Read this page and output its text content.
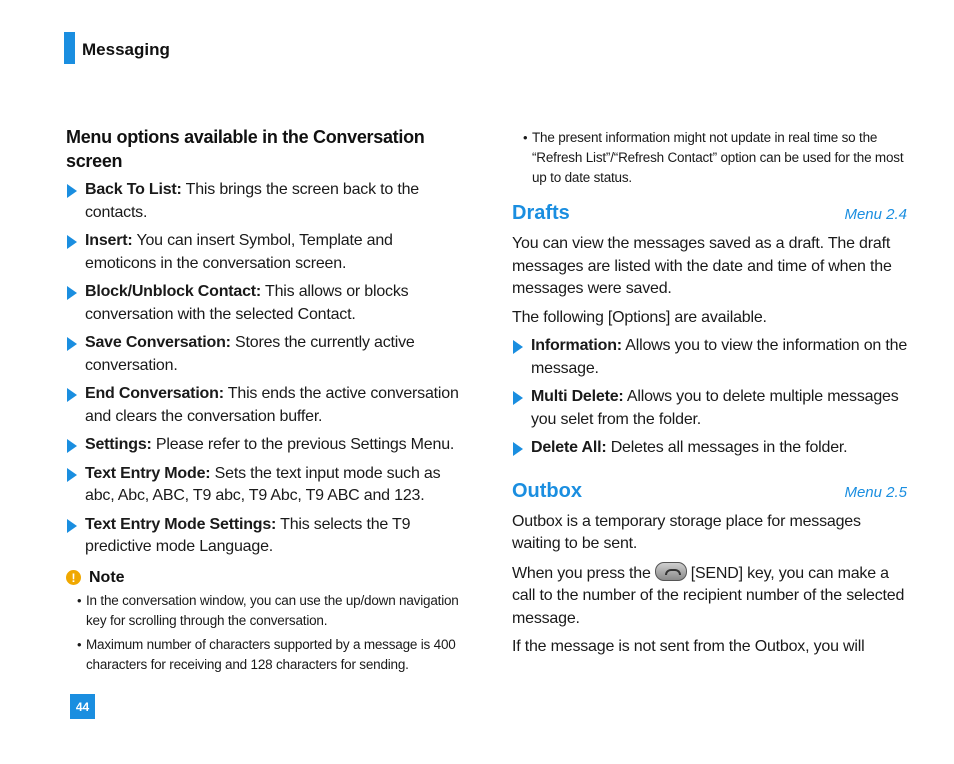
Messaging
Menu options available in the Conversation screen
Back To List: This brings the screen back to the contacts.
Insert: You can insert Symbol, Template and emoticons in the conversation screen.
Block/Unblock Contact: This allows or blocks conversation with the selected Contact.
Save Conversation: Stores the currently active conversation.
End Conversation: This ends the active conversation and clears the conversation buffer.
Settings: Please refer to the previous Settings Menu.
Text Entry Mode: Sets the text input mode such as abc, Abc, ABC, T9 abc, T9 Abc, T9 ABC and 123.
Text Entry Mode Settings: This selects the T9 predictive mode Language.
! Note
• In the conversation window, you can use the up/down navigation key for scrolling through the conversation.
• Maximum number of characters supported by a message is 400 characters for receiving and 128 characters for sending.
• The present information might not update in real time so the “Refresh List”/“Refresh Contact” option can be used for the most up to date status.
Drafts	Menu 2.4

You can view the messages saved as a draft. The draft messages are listed with the date and time of when the messages were saved.

The following [Options] are available.

Information: Allows you to view the information on the message.
Multi Delete: Allows you to delete multiple messages you selet from the folder.
Delete All: Deletes all messages in the folder.
Outbox	Menu 2.5

Outbox is a temporary storage place for messages waiting to be sent.

When you press the	[SEND] key, you can make a call to the number of the recipient number of the selected message.

If the message is not sent from the Outbox, you will

44
